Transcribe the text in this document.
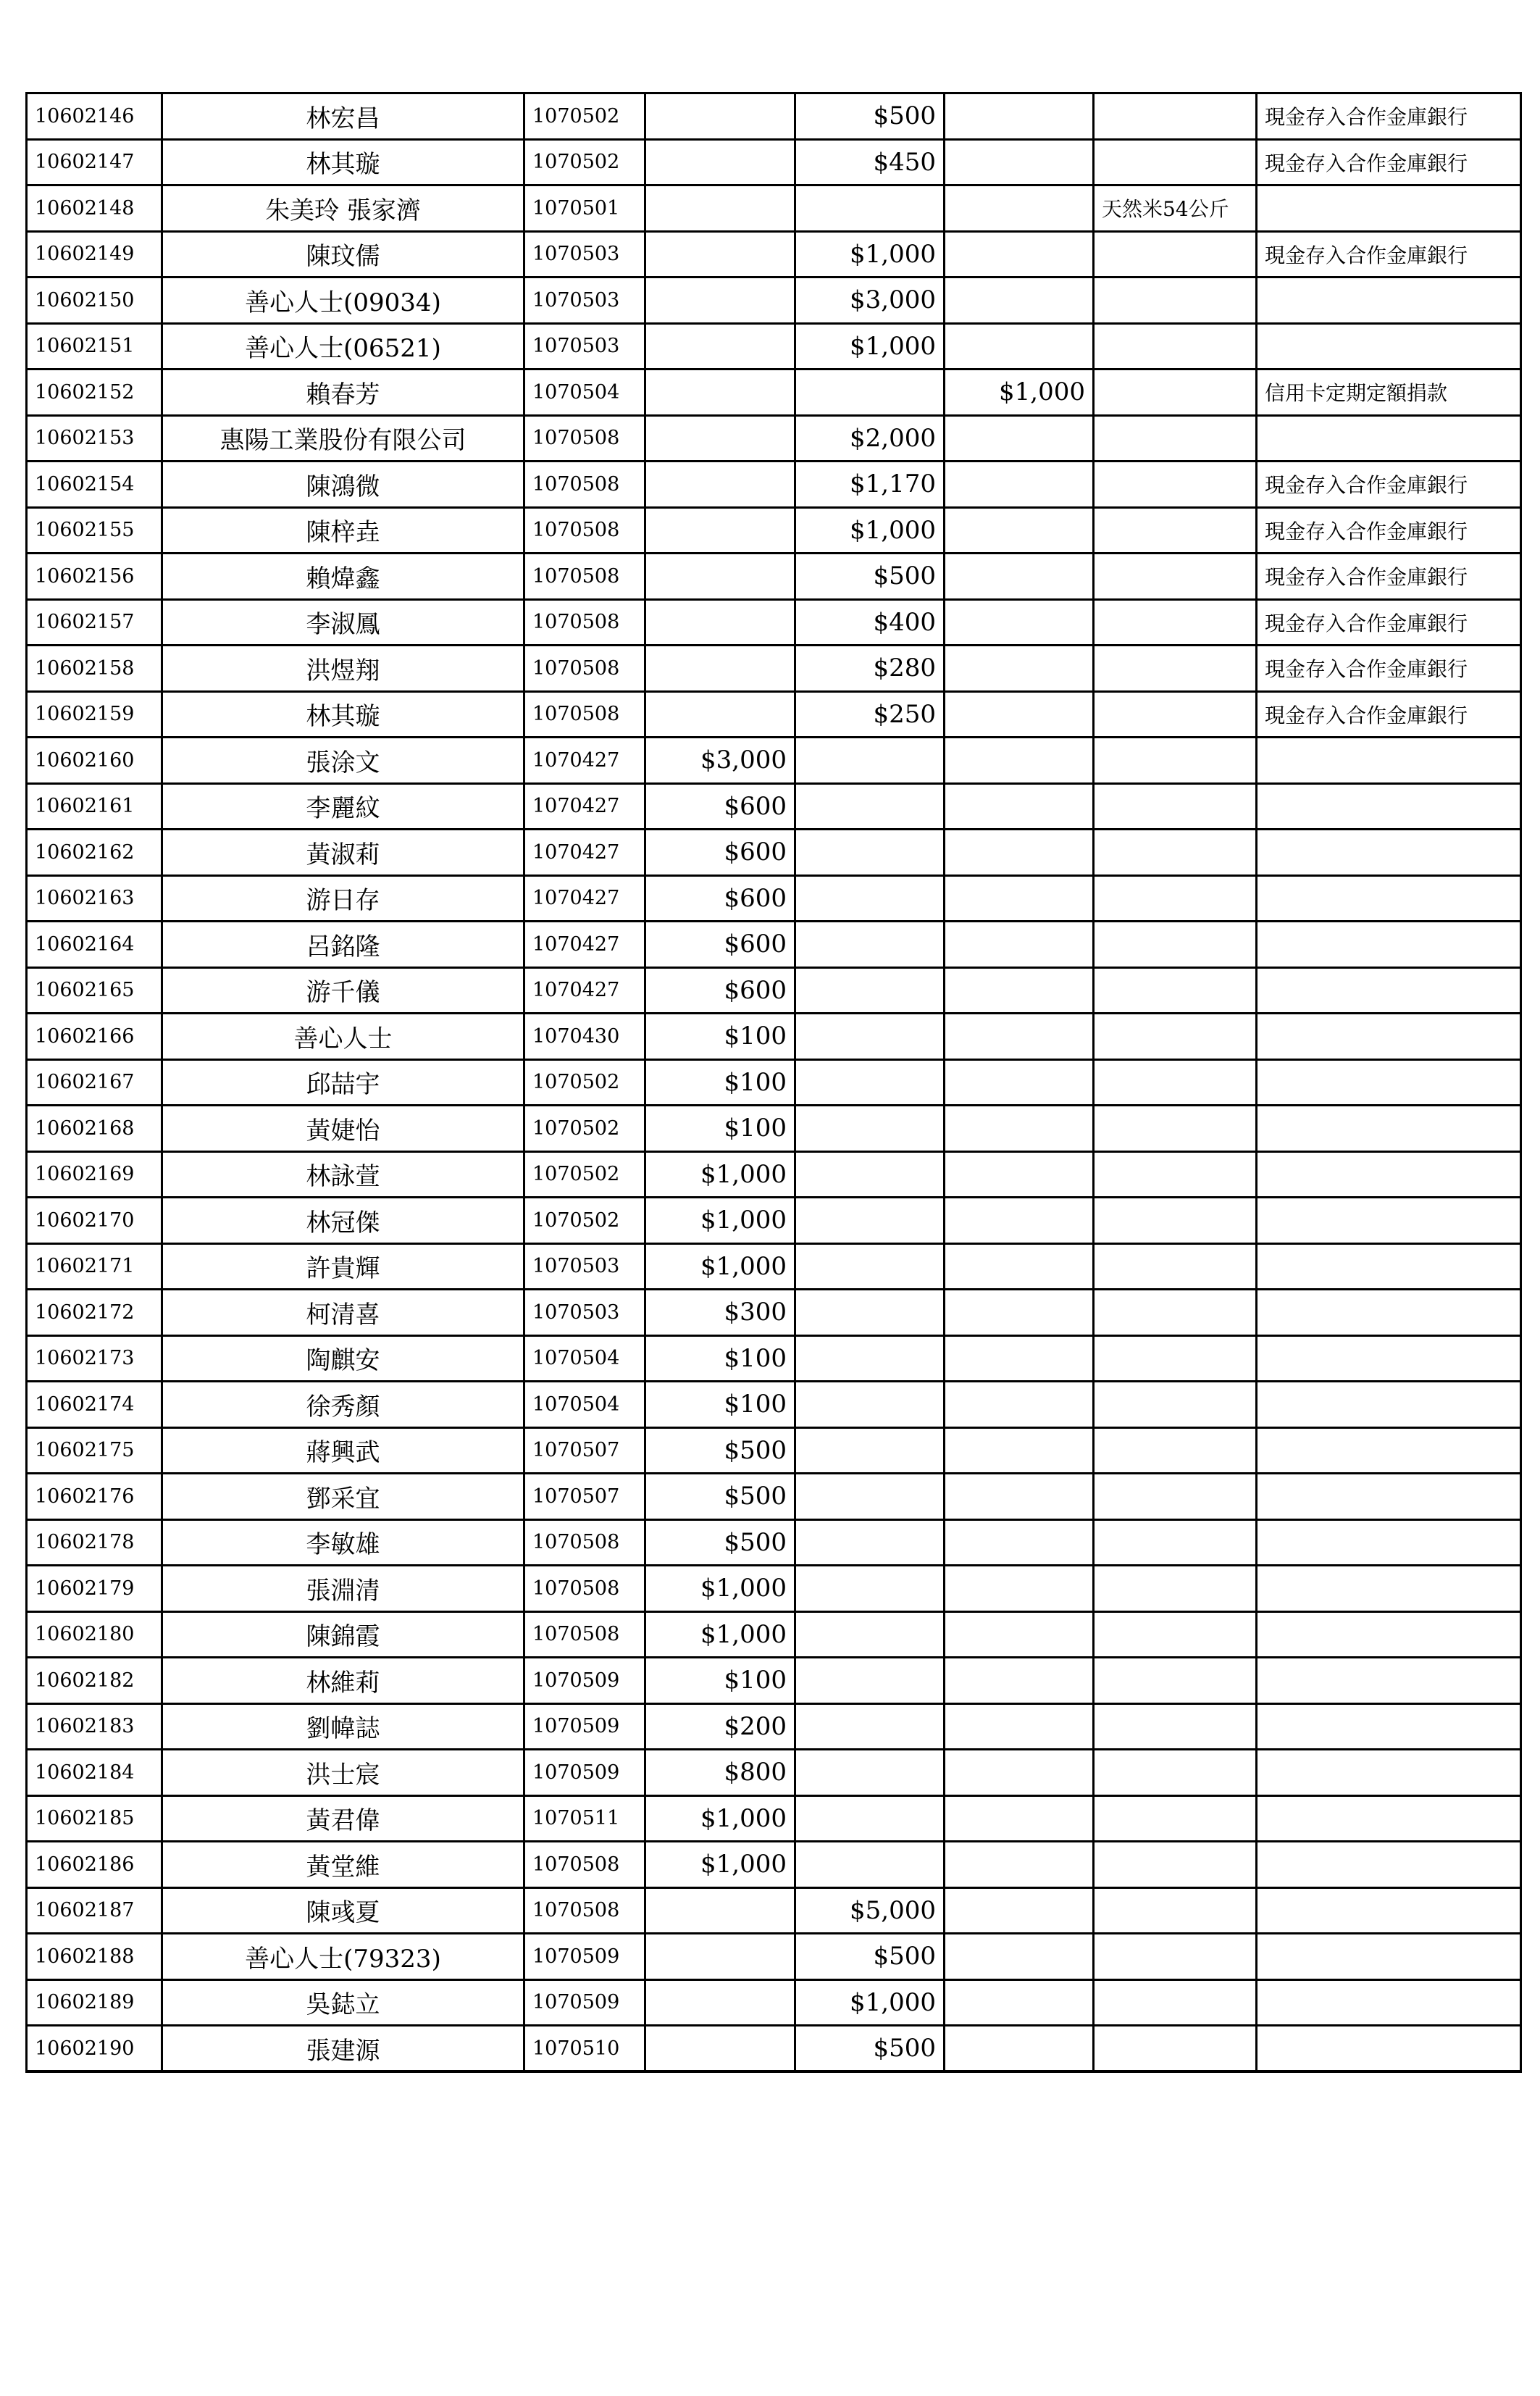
10602146	林宏昌	1070502		$500			現金存入合作金庫銀行
10602147	林其璇	1070502		$450			現金存入合作金庫銀行
10602148	朱美玲 張家濟	1070501				天然米54公斤	
10602149	陳玟儒	1070503		$1,000			現金存入合作金庫銀行
10602150	善心人士(09034)	1070503		$3,000			
10602151	善心人士(06521)	1070503		$1,000			
10602152	賴春芳	1070504			$1,000		信用卡定期定額捐款
10602153	惠陽工業股份有限公司	1070508		$2,000			
10602154	陳鴻微	1070508		$1,170			現金存入合作金庫銀行
10602155	陳梓垚	1070508		$1,000			現金存入合作金庫銀行
10602156	賴煒鑫	1070508		$500			現金存入合作金庫銀行
10602157	李淑鳳	1070508		$400			現金存入合作金庫銀行
10602158	洪煜翔	1070508		$280			現金存入合作金庫銀行
10602159	林其璇	1070508		$250			現金存入合作金庫銀行
10602160	張涂文	1070427	$3,000				
10602161	李麗紋	1070427	$600				
10602162	黃淑莉	1070427	$600				
10602163	游日存	1070427	$600				
10602164	呂銘隆	1070427	$600				
10602165	游千儀	1070427	$600				
10602166	善心人士	1070430	$100				
10602167	邱喆宇	1070502	$100				
10602168	黃婕怡	1070502	$100				
10602169	林詠萱	1070502	$1,000				
10602170	林冠傑	1070502	$1,000				
10602171	許貴輝	1070503	$1,000				
10602172	柯清喜	1070503	$300				
10602173	陶麒安	1070504	$100				
10602174	徐秀顏	1070504	$100				
10602175	蔣興武	1070507	$500				
10602176	鄧采宜	1070507	$500				
10602178	李敏雄	1070508	$500				
10602179	張淵清	1070508	$1,000				
10602180	陳錦霞	1070508	$1,000				
10602182	林維莉	1070509	$100				
10602183	劉幃誌	1070509	$200				
10602184	洪士宸	1070509	$800				
10602185	黃君偉	1070511	$1,000				
10602186	黃堂維	1070508	$1,000				
10602187	陳彧夏	1070508		$5,000			
10602188	善心人士(79323)	1070509		$500			
10602189	吳鋕立	1070509		$1,000			
10602190	張建源	1070510		$500			
